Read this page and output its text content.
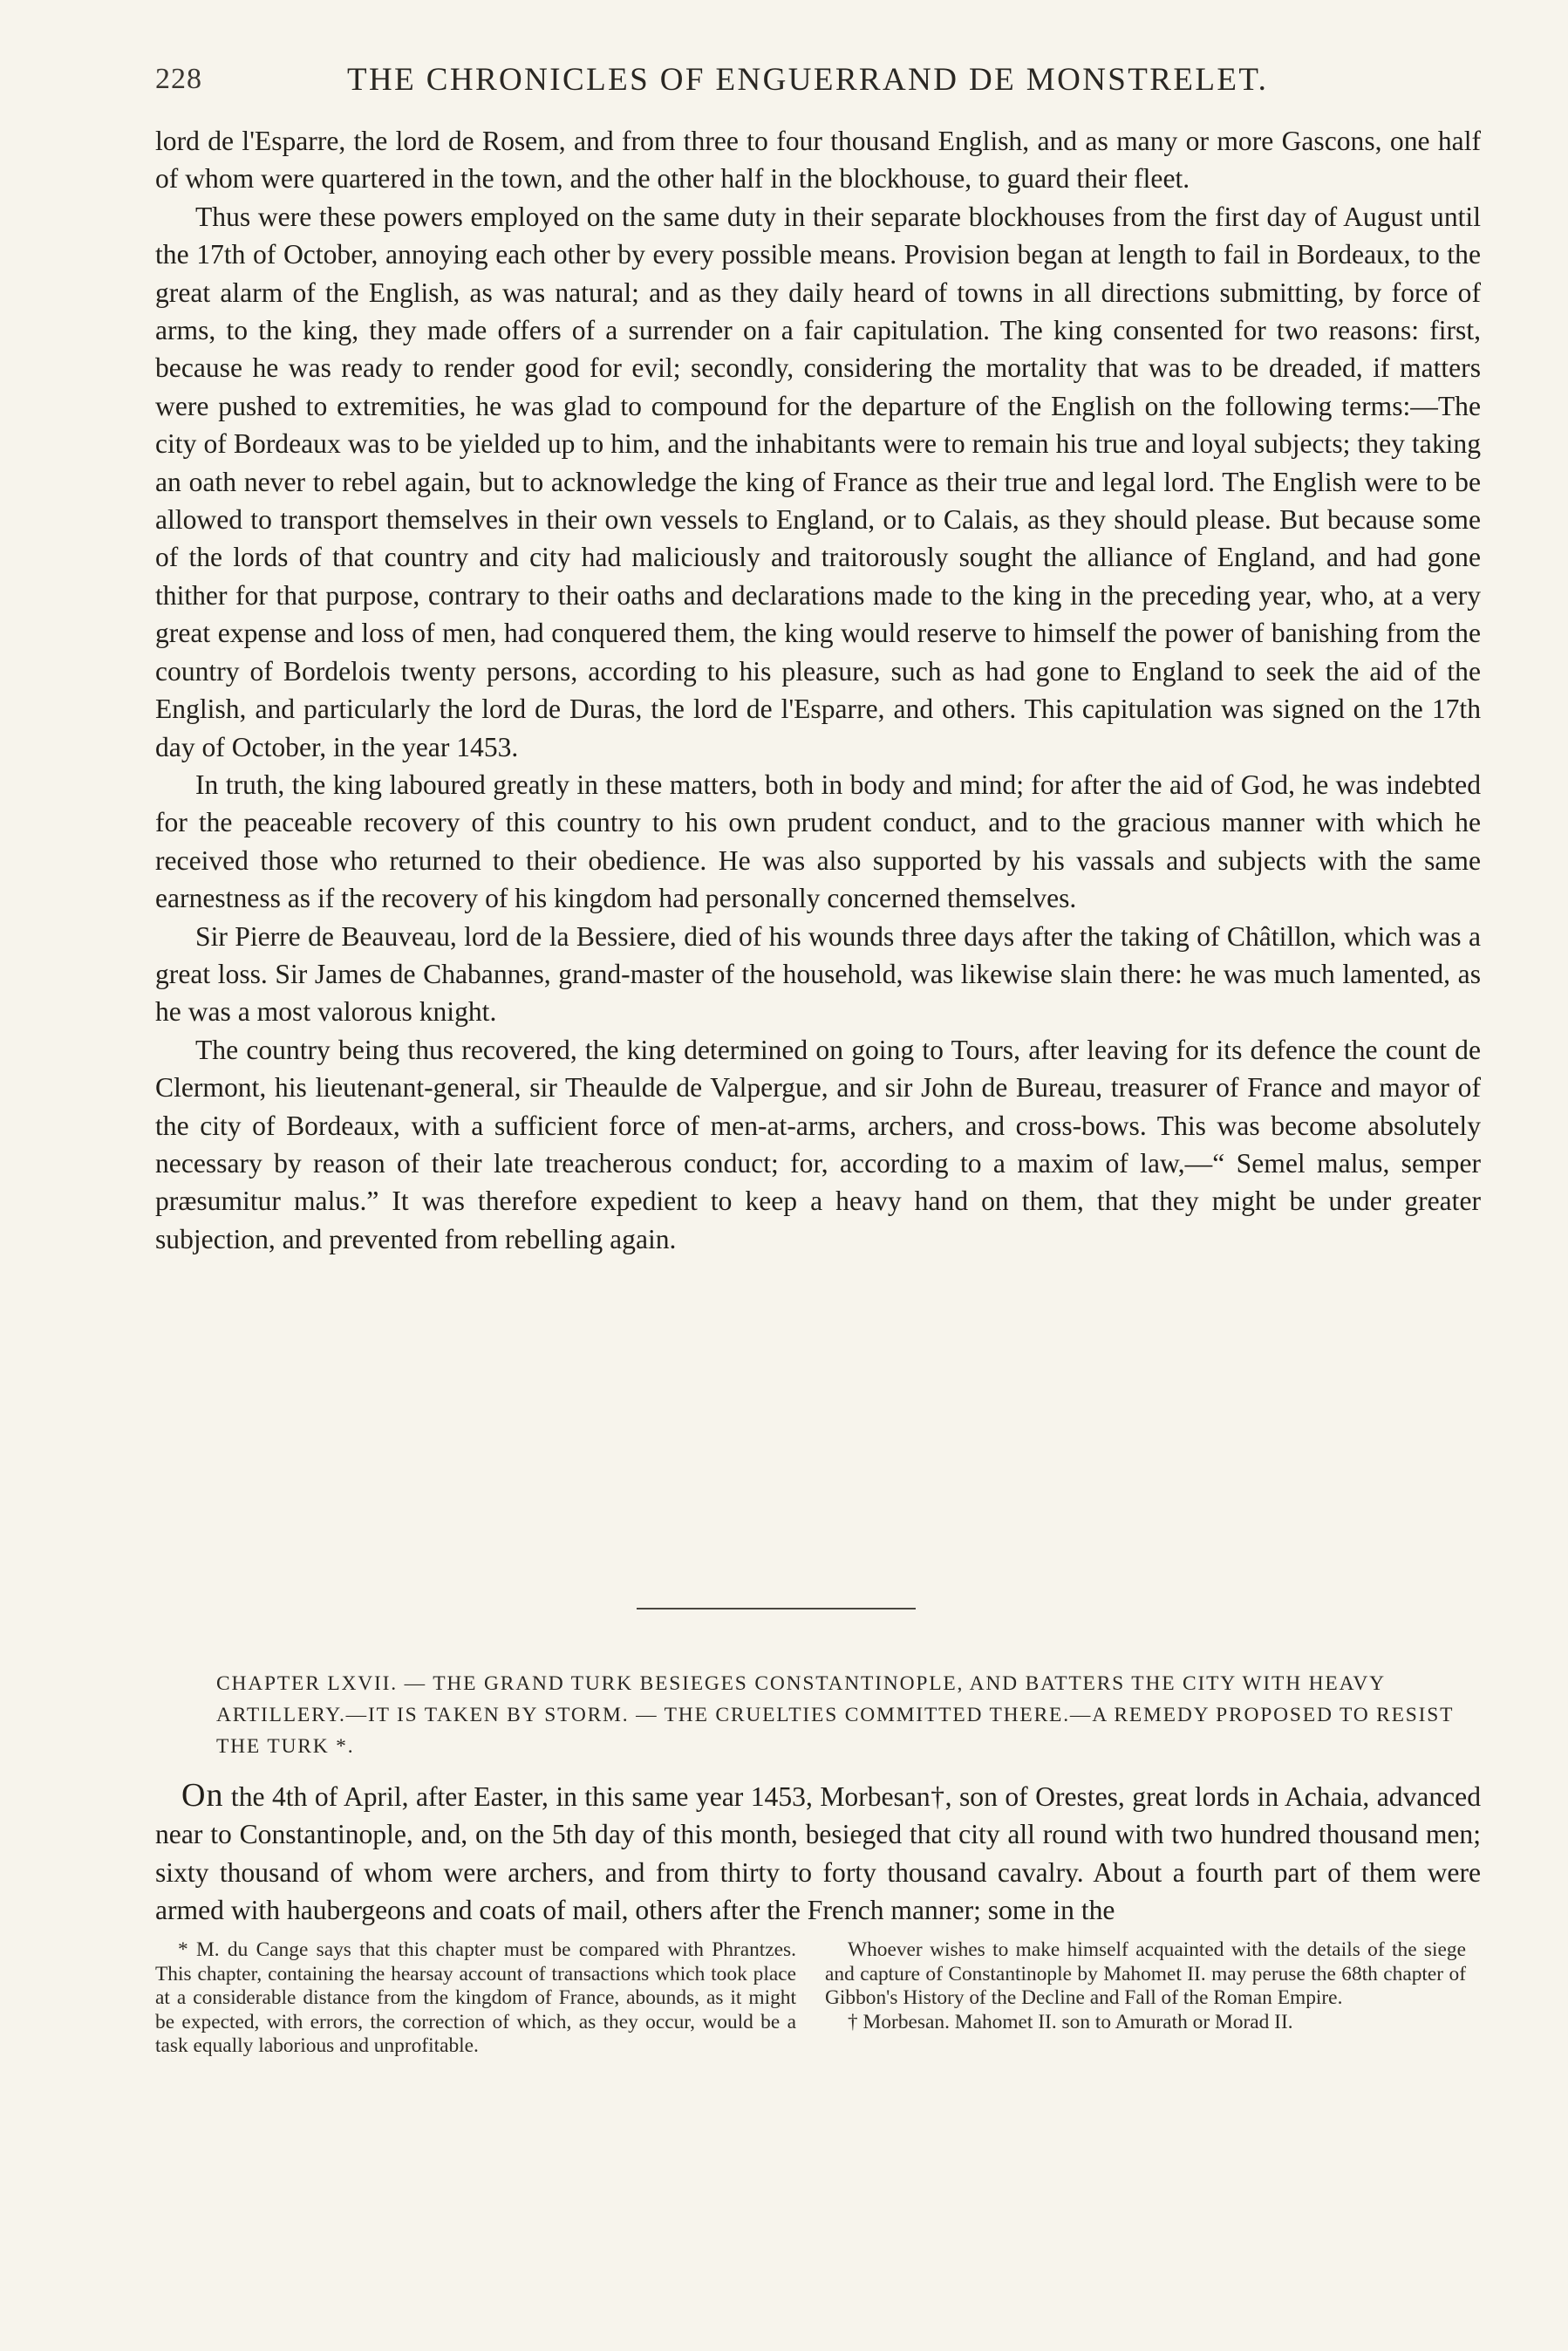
228	THE CHRONICLES OF ENGUERRAND DE MONSTRELET.

lord de l'Esparre, the lord de Rosem, and from three to four thousand English, and as many or more Gascons, one half of whom were quartered in the town, and the other half in the blockhouse, to guard their fleet.

Thus were these powers employed on the same duty in their separate blockhouses from the first day of August until the 17th of October, annoying each other by every possible means. Provision began at length to fail in Bordeaux, to the great alarm of the English, as was natural; and as they daily heard of towns in all directions submitting, by force of arms, to the king, they made offers of a surrender on a fair capitulation. The king consented for two reasons: first, because he was ready to render good for evil; secondly, considering the mortality that was to be dreaded, if matters were pushed to extremities, he was glad to compound for the departure of the English on the following terms:—The city of Bordeaux was to be yielded up to him, and the inhabitants were to remain his true and loyal subjects; they taking an oath never to rebel again, but to acknowledge the king of France as their true and legal lord. The English were to be allowed to transport themselves in their own vessels to England, or to Calais, as they should please. But because some of the lords of that country and city had maliciously and traitorously sought the alliance of England, and had gone thither for that purpose, contrary to their oaths and declarations made to the king in the preceding year, who, at a very great expense and loss of men, had conquered them, the king would reserve to himself the power of banishing from the country of Bordelois twenty persons, according to his pleasure, such as had gone to England to seek the aid of the English, and particularly the lord de Duras, the lord de l'Esparre, and others. This capitulation was signed on the 17th day of October, in the year 1453.

In truth, the king laboured greatly in these matters, both in body and mind; for after the aid of God, he was indebted for the peaceable recovery of this country to his own prudent conduct, and to the gracious manner with which he received those who returned to their obedience. He was also supported by his vassals and subjects with the same earnestness as if the recovery of his kingdom had personally concerned themselves.

Sir Pierre de Beauveau, lord de la Bessiere, died of his wounds three days after the taking of Châtillon, which was a great loss. Sir James de Chabannes, grand-master of the household, was likewise slain there: he was much lamented, as he was a most valorous knight.

The country being thus recovered, the king determined on going to Tours, after leaving for its defence the count de Clermont, his lieutenant-general, sir Theaulde de Valpergue, and sir John de Bureau, treasurer of France and mayor of the city of Bordeaux, with a sufficient force of men-at-arms, archers, and cross-bows. This was become absolutely necessary by reason of their late treacherous conduct; for, according to a maxim of law,—“ Semel malus, semper præsumitur malus.” It was therefore expedient to keep a heavy hand on them, that they might be under greater subjection, and prevented from rebelling again.

CHAPTER LXVII. — THE GRAND TURK BESIEGES CONSTANTINOPLE, AND BATTERS THE CITY WITH HEAVY ARTILLERY.—IT IS TAKEN BY STORM. — THE CRUELTIES COMMITTED THERE.—A REMEDY PROPOSED TO RESIST THE TURK *.

On the 4th of April, after Easter, in this same year 1453, Morbesan†, son of Orestes, great lords in Achaia, advanced near to Constantinople, and, on the 5th day of this month, besieged that city all round with two hundred thousand men; sixty thousand of whom were archers, and from thirty to forty thousand cavalry. About a fourth part of them were armed with haubergeons and coats of mail, others after the French manner; some in the

* M. du Cange says that this chapter must be compared with Phrantzes. This chapter, containing the hearsay account of transactions which took place at a considerable distance from the kingdom of France, abounds, as it might be expected, with errors, the correction of which, as they occur, would be a task equally laborious and unprofitable.

Whoever wishes to make himself acquainted with the details of the siege and capture of Constantinople by Mahomet II. may peruse the 68th chapter of Gibbon's History of the Decline and Fall of the Roman Empire.

† Morbesan. Mahomet II. son to Amurath or Morad II.
